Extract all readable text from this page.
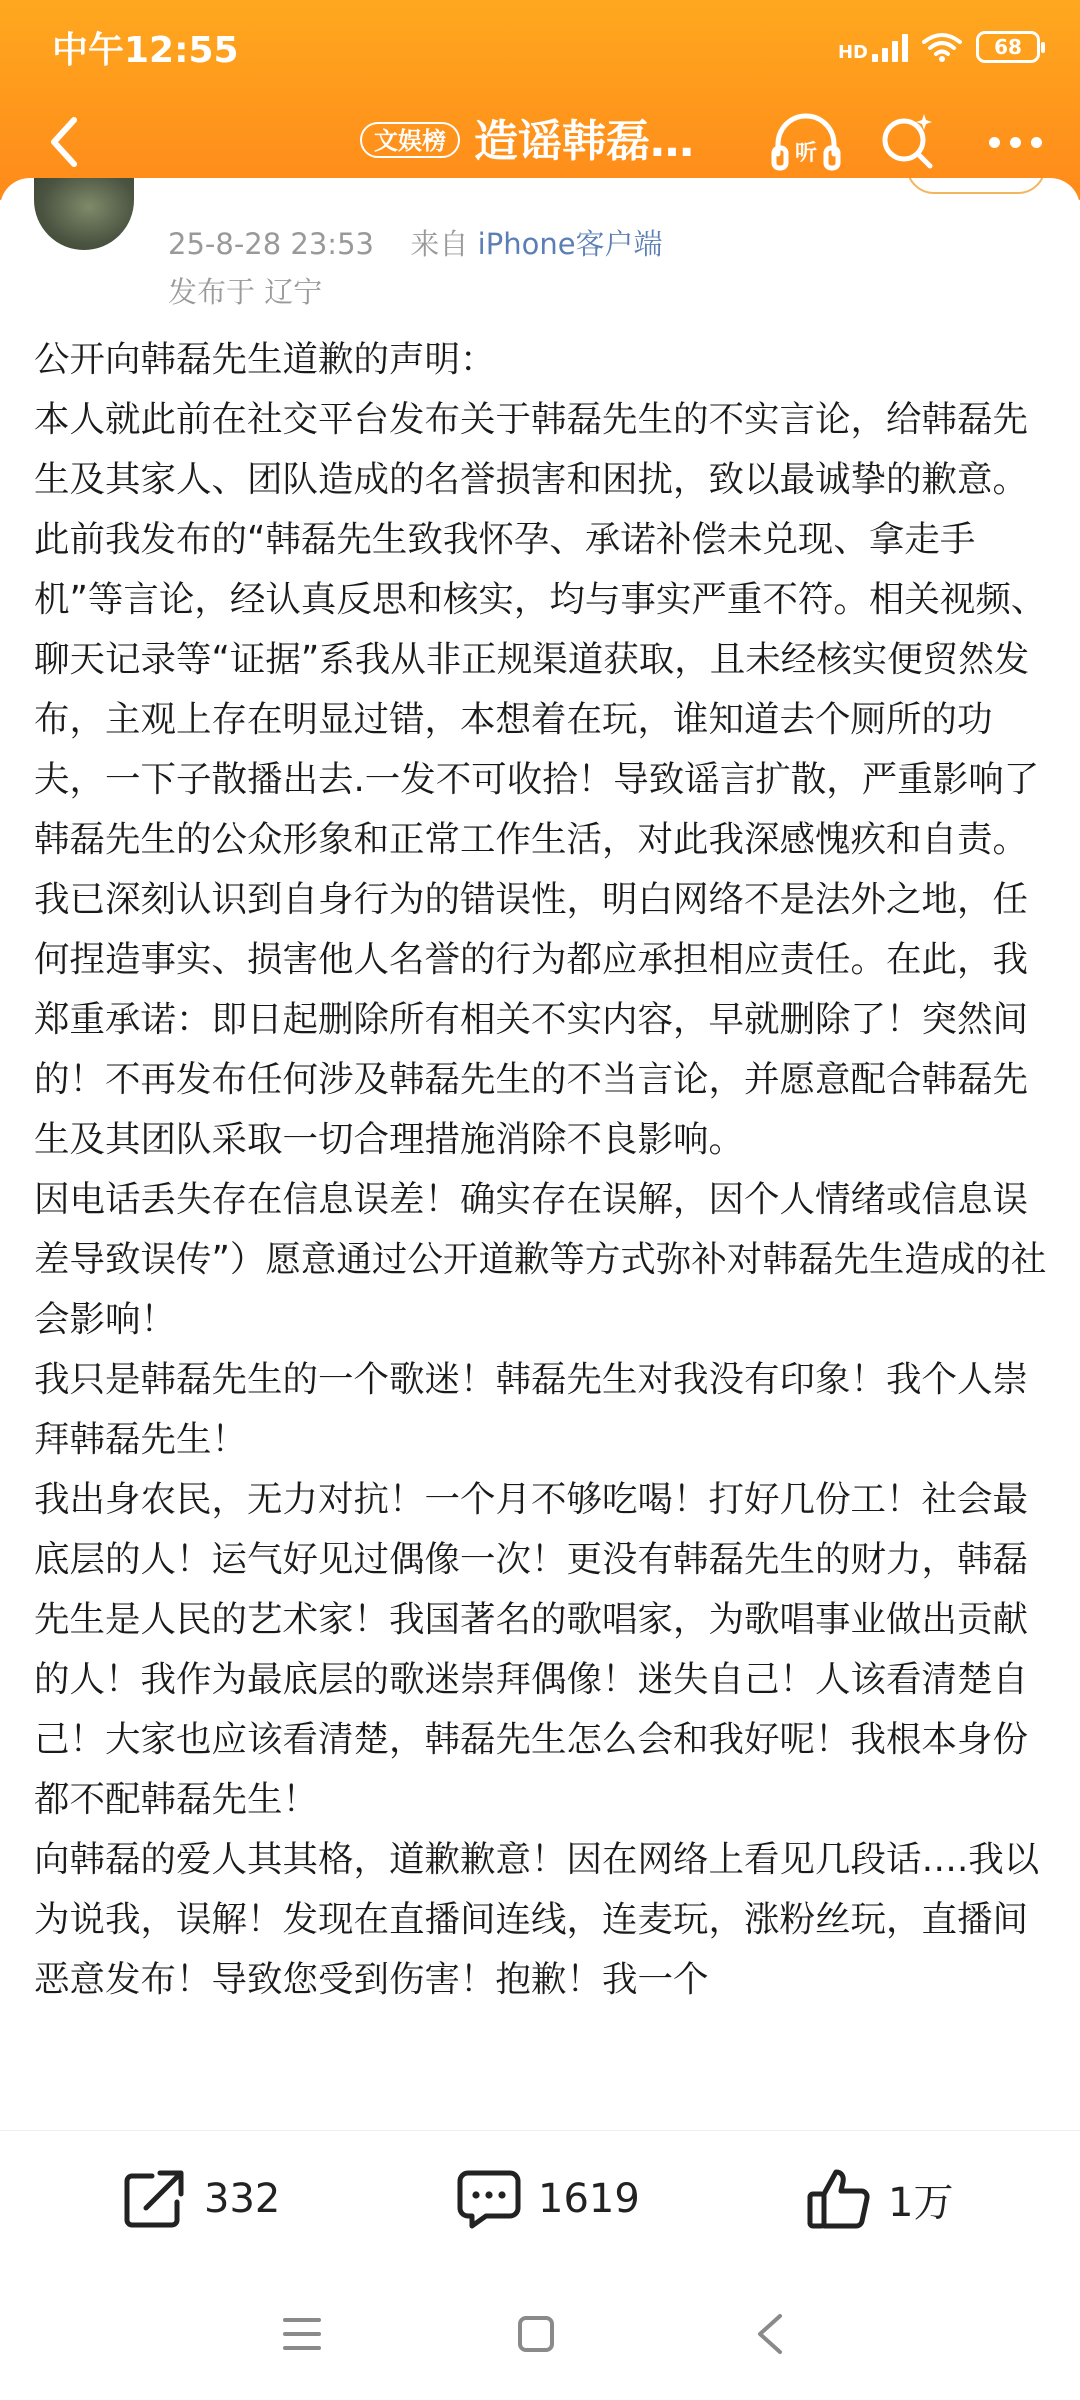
中午12:55	HD	68
文娱榜 造谣韩磊…	听
25-8-28 23:53 来自 iPhone客户端
发布于 辽宁

公开向韩磊先生道歉的声明：

本人就此前在社交平台发布关于韩磊先生的不实言论，给韩磊先生及其家人、团队造成的名誉损害和困扰，致以最诚挚的歉意。

此前我发布的“韩磊先生致我怀孕、承诺补偿未兑现、拿走手机”等言论，经认真反思和核实，均与事实严重不符。相关视频、聊天记录等“证据”系我从非正规渠道获取，且未经核实便贸然发布，主观上存在明显过错，本想着在玩，谁知道去个厕所的功夫，一下子散播出去.一发不可收拾！导致谣言扩散，严重影响了韩磊先生的公众形象和正常工作生活，对此我深感愧疚和自责。

我已深刻认识到自身行为的错误性，明白网络不是法外之地，任何捏造事实、损害他人名誉的行为都应承担相应责任。在此，我郑重承诺：即日起删除所有相关不实内容，早就删除了！突然间的！不再发布任何涉及韩磊先生的不当言论，并愿意配合韩磊先生及其团队采取一切合理措施消除不良影响。

因电话丢失存在信息误差！确实存在误解，因个人情绪或信息误差导致误传”）愿意通过公开道歉等方式弥补对韩磊先生造成的社会影响！

我只是韩磊先生的一个歌迷！韩磊先生对我没有印象！我个人崇拜韩磊先生！

我出身农民，无力对抗！一个月不够吃喝！打好几份工！社会最底层的人！运气好见过偶像一次！更没有韩磊先生的财力，韩磊先生是人民的艺术家！我国著名的歌唱家，为歌唱事业做出贡献的人！我作为最底层的歌迷崇拜偶像！迷失自己！人该看清楚自己！大家也应该看清楚，韩磊先生怎么会和我好呢！我根本身份都不配韩磊先生！

向韩磊的爱人其其格，道歉歉意！因在网络上看见几段话….我以为说我，误解！发现在直播间连线，连麦玩，涨粉丝玩，直播间恶意发布！导致您受到伤害！抱歉！我一个

332	1619	1万
